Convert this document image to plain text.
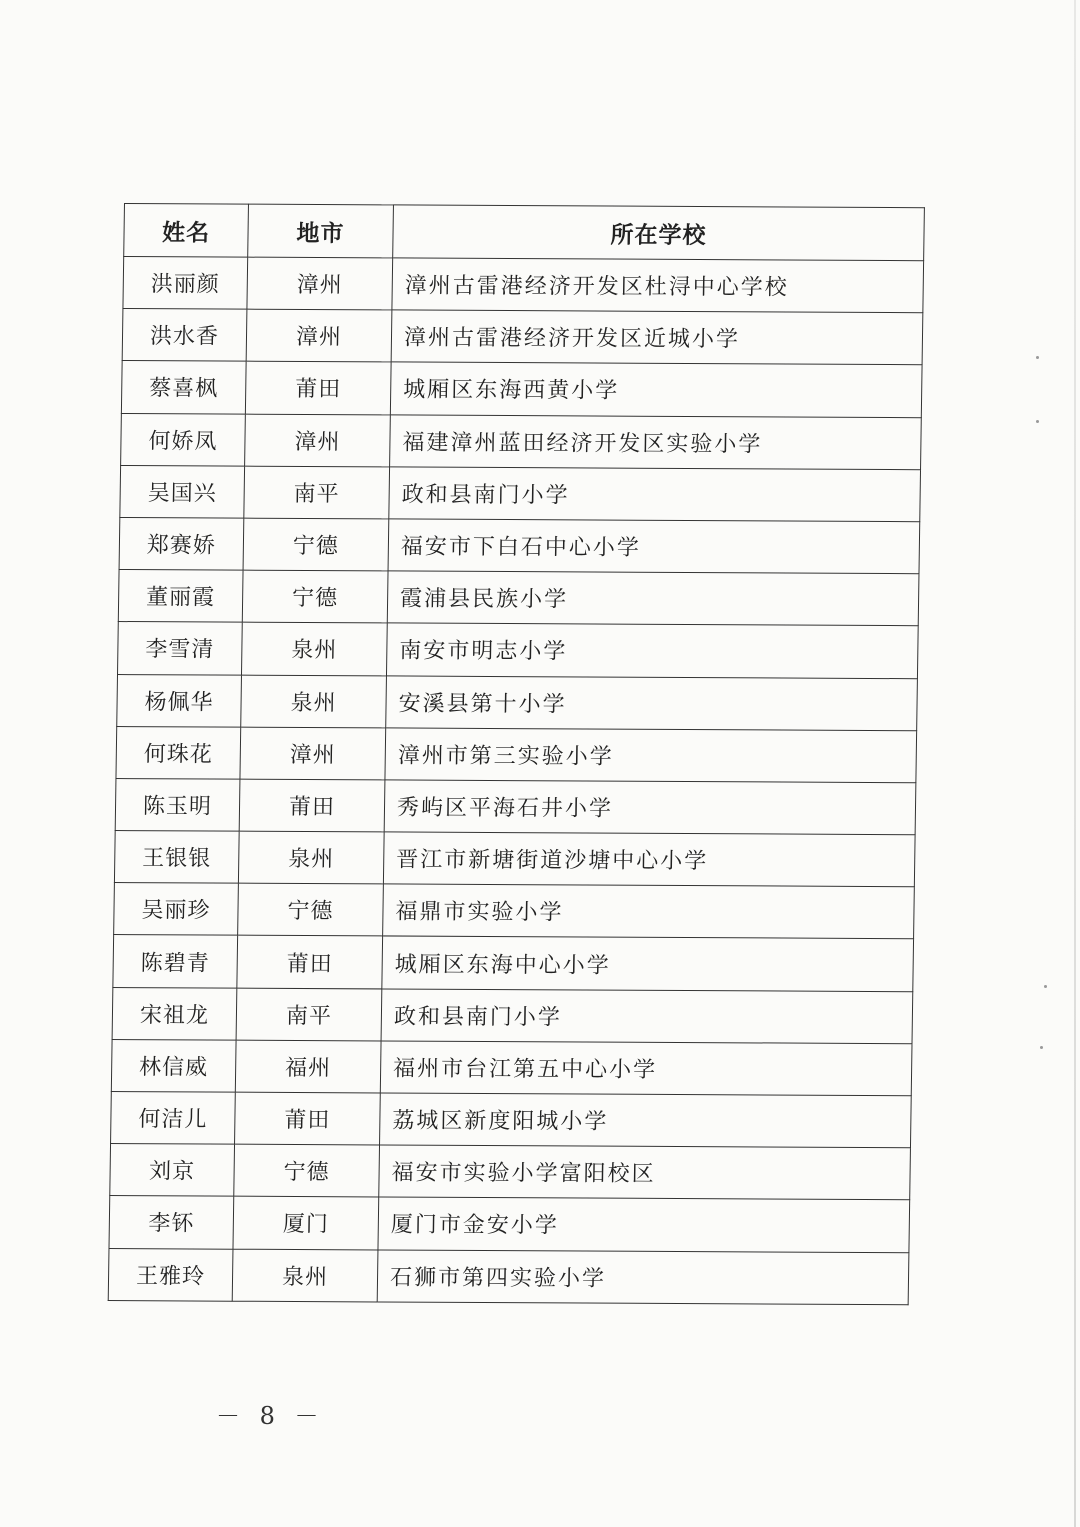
姓名	地市	所在学校
洪丽颜	漳州	漳州古雷港经济开发区杜浔中心学校
洪水香	漳州	漳州古雷港经济开发区近城小学
蔡喜枫	莆田	城厢区东海西黄小学
何娇凤	漳州	福建漳州蓝田经济开发区实验小学
吴国兴	南平	政和县南门小学
郑赛娇	宁德	福安市下白石中心小学
董丽霞	宁德	霞浦县民族小学
李雪清	泉州	南安市明志小学
杨佩华	泉州	安溪县第十小学
何珠花	漳州	漳州市第三实验小学
陈玉明	莆田	秀屿区平海石井小学
王银银	泉州	晋江市新塘街道沙塘中心小学
吴丽珍	宁德	福鼎市实验小学
陈碧青	莆田	城厢区东海中心小学
宋祖龙	南平	政和县南门小学
林信威	福州	福州市台江第五中心小学
何洁儿	莆田	荔城区新度阳城小学
刘京	宁德	福安市实验小学富阳校区
李钚	厦门	厦门市金安小学
王雅玲	泉州	石狮市第四实验小学
－ 8 －
